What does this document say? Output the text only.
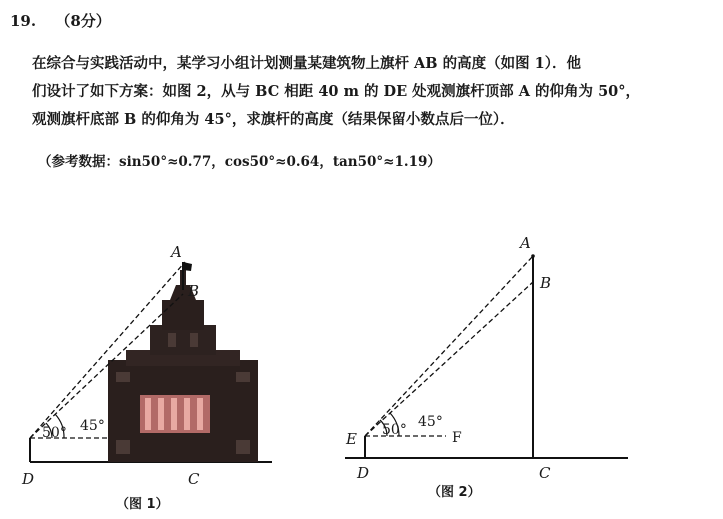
19. （8分）
在综合与实践活动中，某学习小组计划测量某建筑物上旗杆 AB 的高度（如图 1）．他
们设计了如下方案：如图 2，从与 BC 相距 40 m 的 DE 处观测旗杆顶部 A 的仰角为 50°，
观测旗杆底部 B 的仰角为 45°，求旗杆的高度（结果保留小数点后一位）．
（参考数据：sin50°≈0.77，cos50°≈0.64，tan50°≈1.19）
50° 45°
A
B
D	C
（图 1）
50° 45°
A
B
E	F
D	C
（图 2）
